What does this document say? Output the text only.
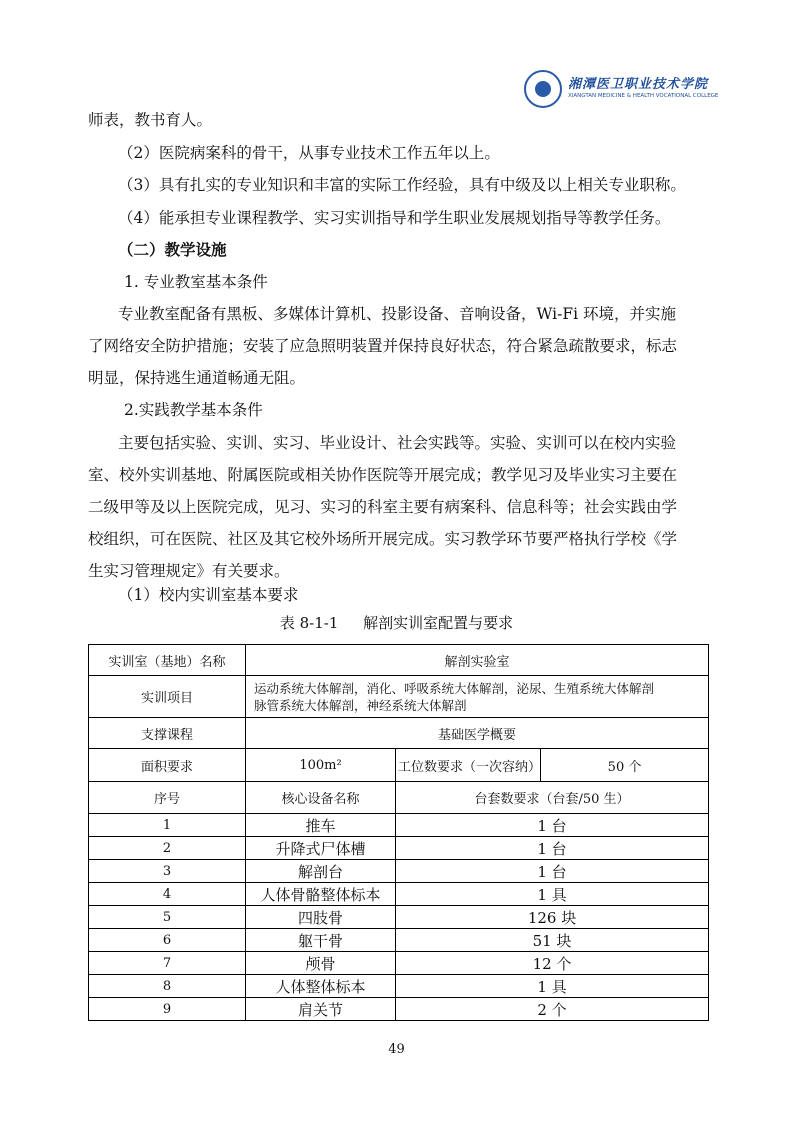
湘潭医卫职业技术学院
XIANGTAN MEDICINE & HEALTH VOCATIONAL COLLEGE
师表，教书育人。
（2）医院病案科的骨干，从事专业技术工作五年以上。
（3）具有扎实的专业知识和丰富的实际工作经验，具有中级及以上相关专业职称。
（4）能承担专业课程教学、实习实训指导和学生职业发展规划指导等教学任务。
（二）教学设施
1. 专业教室基本条件
专业教室配备有黑板、多媒体计算机、投影设备、音响设备，Wi-Fi 环境，并实施
了网络安全防护措施；安装了应急照明装置并保持良好状态，符合紧急疏散要求，标志
明显，保持逃生通道畅通无阻。
2.实践教学基本条件
主要包括实验、实训、实习、毕业设计、社会实践等。实验、实训可以在校内实验
室、校外实训基地、附属医院或相关协作医院等开展完成；教学见习及毕业实习主要在
二级甲等及以上医院完成，见习、实习的科室主要有病案科、信息科等；社会实践由学
校组织，可在医院、社区及其它校外场所开展完成。实习教学环节要严格执行学校《学
生实习管理规定》有关要求。
（1）校内实训室基本要求
表 8-1-1 解剖实训室配置与要求
实训室（基地）名称	解剖实验室		
实训项目	运动系统大体解剖，消化、呼吸系统大体解剖，泌尿、生殖系统大体解剖
脉管系统大体解剖，神经系统大体解剖		

支撑课程	基础医学概要		
面积要求	100m²	工位数要求（一次容纳）	50 个
序号	核心设备名称	台套数要求（台套/50 生）	
1	推车	1 台	
2	升降式尸体槽	1 台	
3	解剖台	1 台	
4	人体骨骼整体标本	1 具	
5	四肢骨	126 块	
6	躯干骨	51 块	
7	颅骨	12 个	
8	人体整体标本	1 具	
9	肩关节	2 个	
49
